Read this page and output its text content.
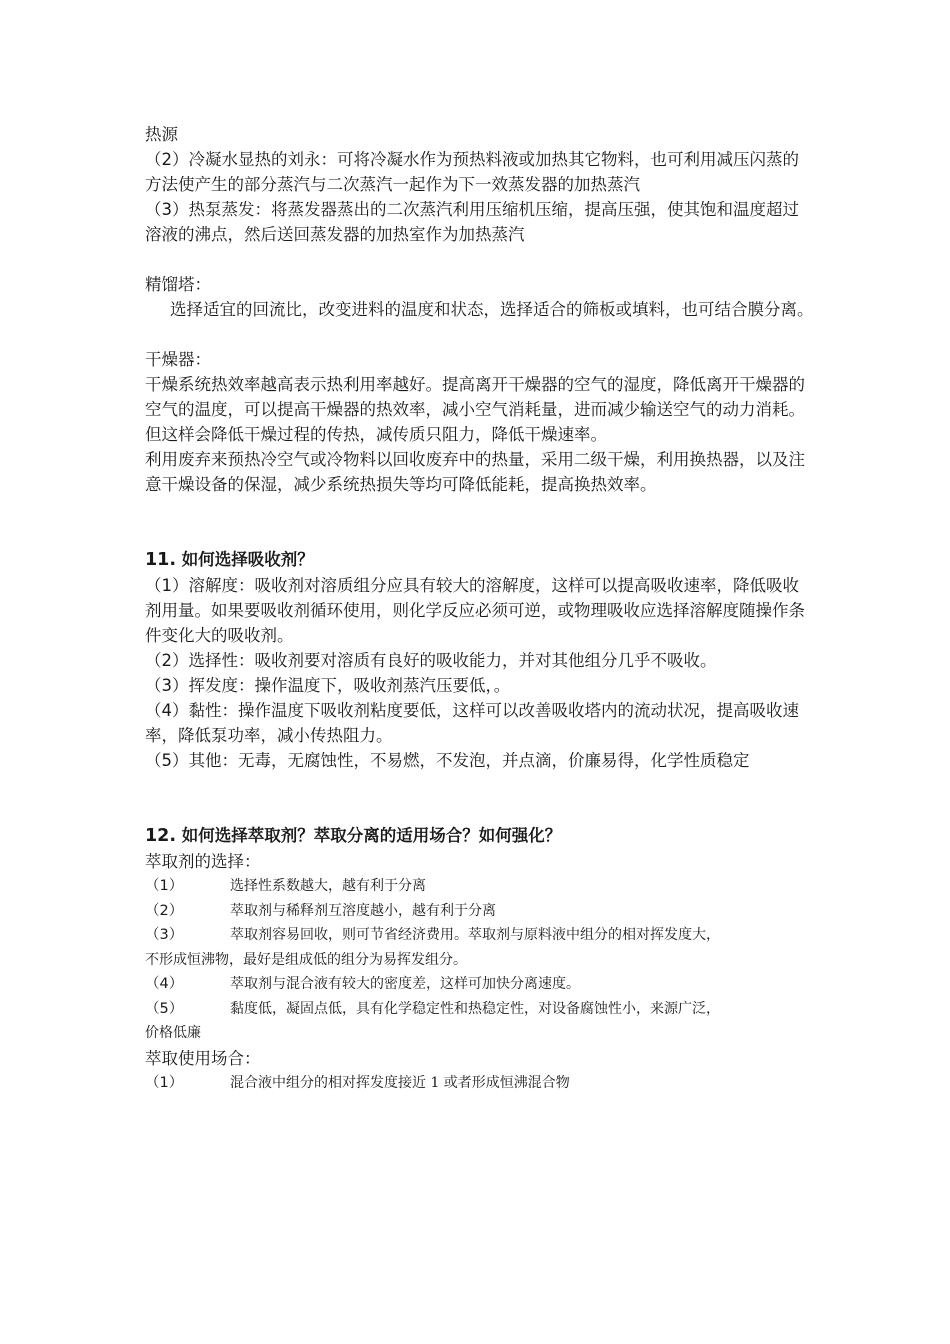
热源

（2）冷凝水显热的刘永：可将冷凝水作为预热料液或加热其它物料，也可利用减压闪蒸的方法使产生的部分蒸汽与二次蒸汽一起作为下一效蒸发器的加热蒸汽

（3）热泵蒸发：将蒸发器蒸出的二次蒸汽利用压缩机压缩，提高压强，使其饱和温度超过溶液的沸点，然后送回蒸发器的加热室作为加热蒸汽

精馏塔：

选择适宜的回流比，改变进料的温度和状态，选择适合的筛板或填料，也可结合膜分离。

干燥器：

干燥系统热效率越高表示热利用率越好。提高离开干燥器的空气的湿度，降低离开干燥器的空气的温度，可以提高干燥器的热效率，减小空气消耗量，进而减少输送空气的动力消耗。但这样会降低干燥过程的传热，减传质只阻力，降低干燥速率。

利用废弃来预热冷空气或冷物料以回收废弃中的热量，采用二级干燥，利用换热器，以及注意干燥设备的保湿，减少系统热损失等均可降低能耗，提高换热效率。

11. 如何选择吸收剂？

（1）溶解度：吸收剂对溶质组分应具有较大的溶解度，这样可以提高吸收速率，降低吸收剂用量。如果要吸收剂循环使用，则化学反应必须可逆，或物理吸收应选择溶解度随操作条件变化大的吸收剂。

（2）选择性：吸收剂要对溶质有良好的吸收能力，并对其他组分几乎不吸收。

（3）挥发度：操作温度下，吸收剂蒸汽压要低，。

（4）黏性：操作温度下吸收剂粘度要低，这样可以改善吸收塔内的流动状况，提高吸收速率，降低泵功率，减小传热阻力。

（5）其他：无毒，无腐蚀性，不易燃，不发泡，并点滴，价廉易得，化学性质稳定

12. 如何选择萃取剂？萃取分离的适用场合？如何强化？

萃取剂的选择：

（1）	选择性系数越大，越有利于分离
（2）	萃取剂与稀释剂互溶度越小，越有利于分离
（3）	萃取剂容易回收，则可节省经济费用。萃取剂与原料液中组分的相对挥发度大，

不形成恒沸物，最好是组成低的组分为易挥发组分。

（4）	萃取剂与混合液有较大的密度差，这样可加快分离速度。
（5）	黏度低，凝固点低，具有化学稳定性和热稳定性，对设备腐蚀性小，来源广泛，

价格低廉

萃取使用场合：

（1）	混合液中组分的相对挥发度接近 1 或者形成恒沸混合物
